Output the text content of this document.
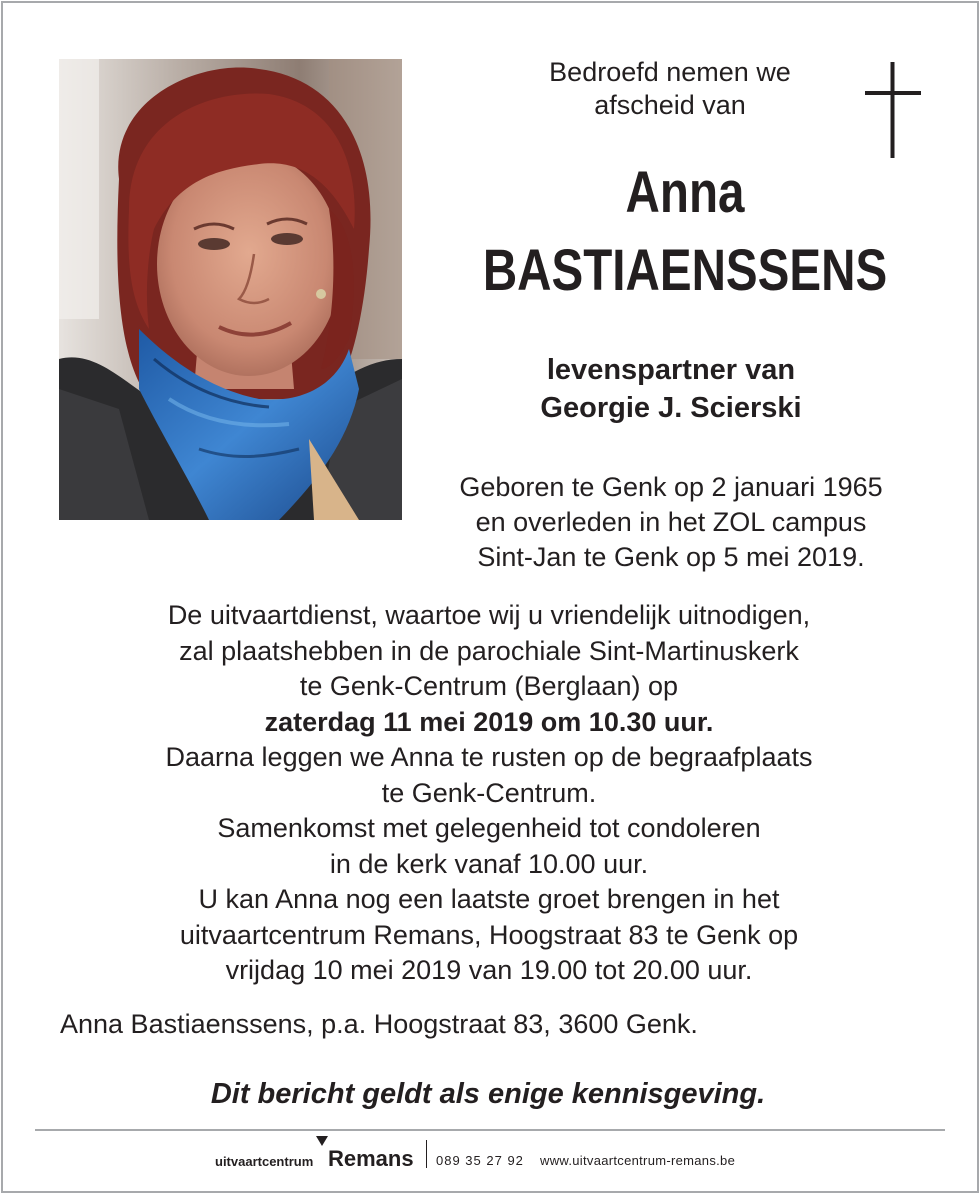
Bedroefd nemen we
afscheid van
Anna
BASTIAENSSENS
levenspartner van
Georgie J. Scierski
Geboren te Genk op 2 januari 1965
en overleden in het ZOL campus
Sint-Jan te Genk op 5 mei 2019.
De uitvaartdienst, waartoe wij u vriendelijk uitnodigen,
zal plaatshebben in de parochiale Sint-Martinuskerk
te Genk-Centrum (Berglaan) op
zaterdag 11 mei 2019 om 10.30 uur.
Daarna leggen we Anna te rusten op de begraafplaats
te Genk-Centrum.
Samenkomst met gelegenheid tot condoleren
in de kerk vanaf 10.00 uur.
U kan Anna nog een laatste groet brengen in het
uitvaartcentrum Remans, Hoogstraat 83 te Genk op
vrijdag 10 mei 2019 van 19.00 tot 20.00 uur.
Anna Bastiaenssens, p.a. Hoogstraat 83, 3600 Genk.
Dit bericht geldt als enige kennisgeving.
uitvaartcentrum Remans 089 35 27 92 www.uitvaartcentrum-remans.be
